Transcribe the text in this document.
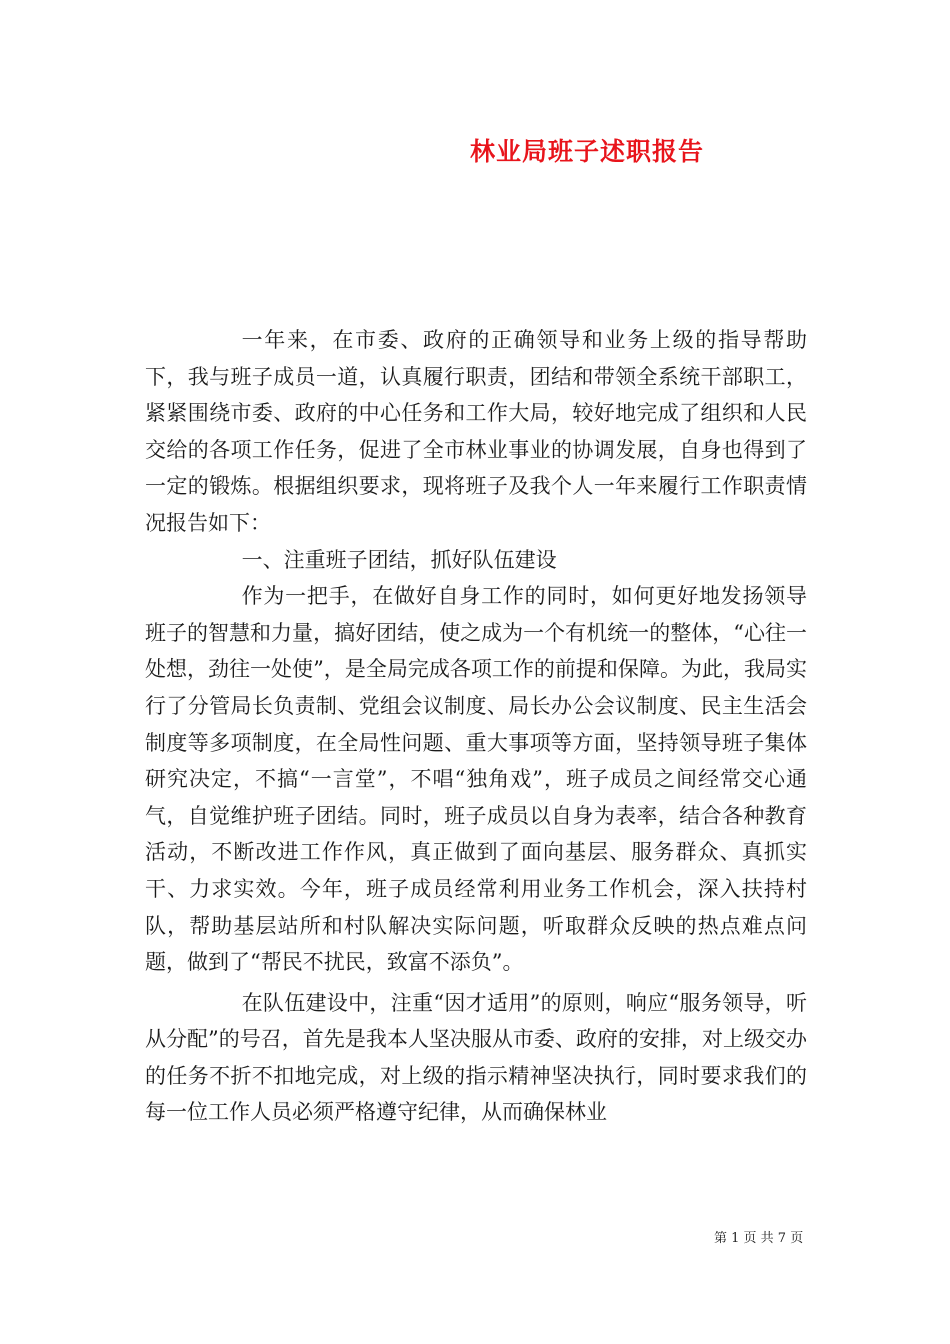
林业局班子述职报告

一年来，在市委、政府的正确领导和业务上级的指导帮助下，我与班子成员一道，认真履行职责，团结和带领全系统干部职工，紧紧围绕市委、政府的中心任务和工作大局，较好地完成了组织和人民交给的各项工作任务，促进了全市林业事业的协调发展，自身也得到了一定的锻炼。根据组织要求，现将班子及我个人一年来履行工作职责情况报告如下：

一、注重班子团结，抓好队伍建设

作为一把手，在做好自身工作的同时，如何更好地发扬领导班子的智慧和力量，搞好团结，使之成为一个有机统一的整体，“心往一处想，劲往一处使”，是全局完成各项工作的前提和保障。为此，我局实行了分管局长负责制、党组会议制度、局长办公会议制度、民主生活会制度等多项制度，在全局性问题、重大事项等方面，坚持领导班子集体研究决定，不搞“一言堂”，不唱“独角戏”，班子成员之间经常交心通气，自觉维护班子团结。同时，班子成员以自身为表率，结合各种教育活动，不断改进工作作风，真正做到了面向基层、服务群众、真抓实干、力求实效。今年，班子成员经常利用业务工作机会，深入扶持村队，帮助基层站所和村队解决实际问题，听取群众反映的热点难点问题，做到了“帮民不扰民，致富不添负”。

在队伍建设中，注重“因才适用”的原则，响应“服务领导，听从分配”的号召，首先是我本人坚决服从市委、政府的安排，对上级交办的任务不折不扣地完成，对上级的指示精神坚决执行，同时要求我们的每一位工作人员必须严格遵守纪律，从而确保林业

第 1 页 共 7 页
